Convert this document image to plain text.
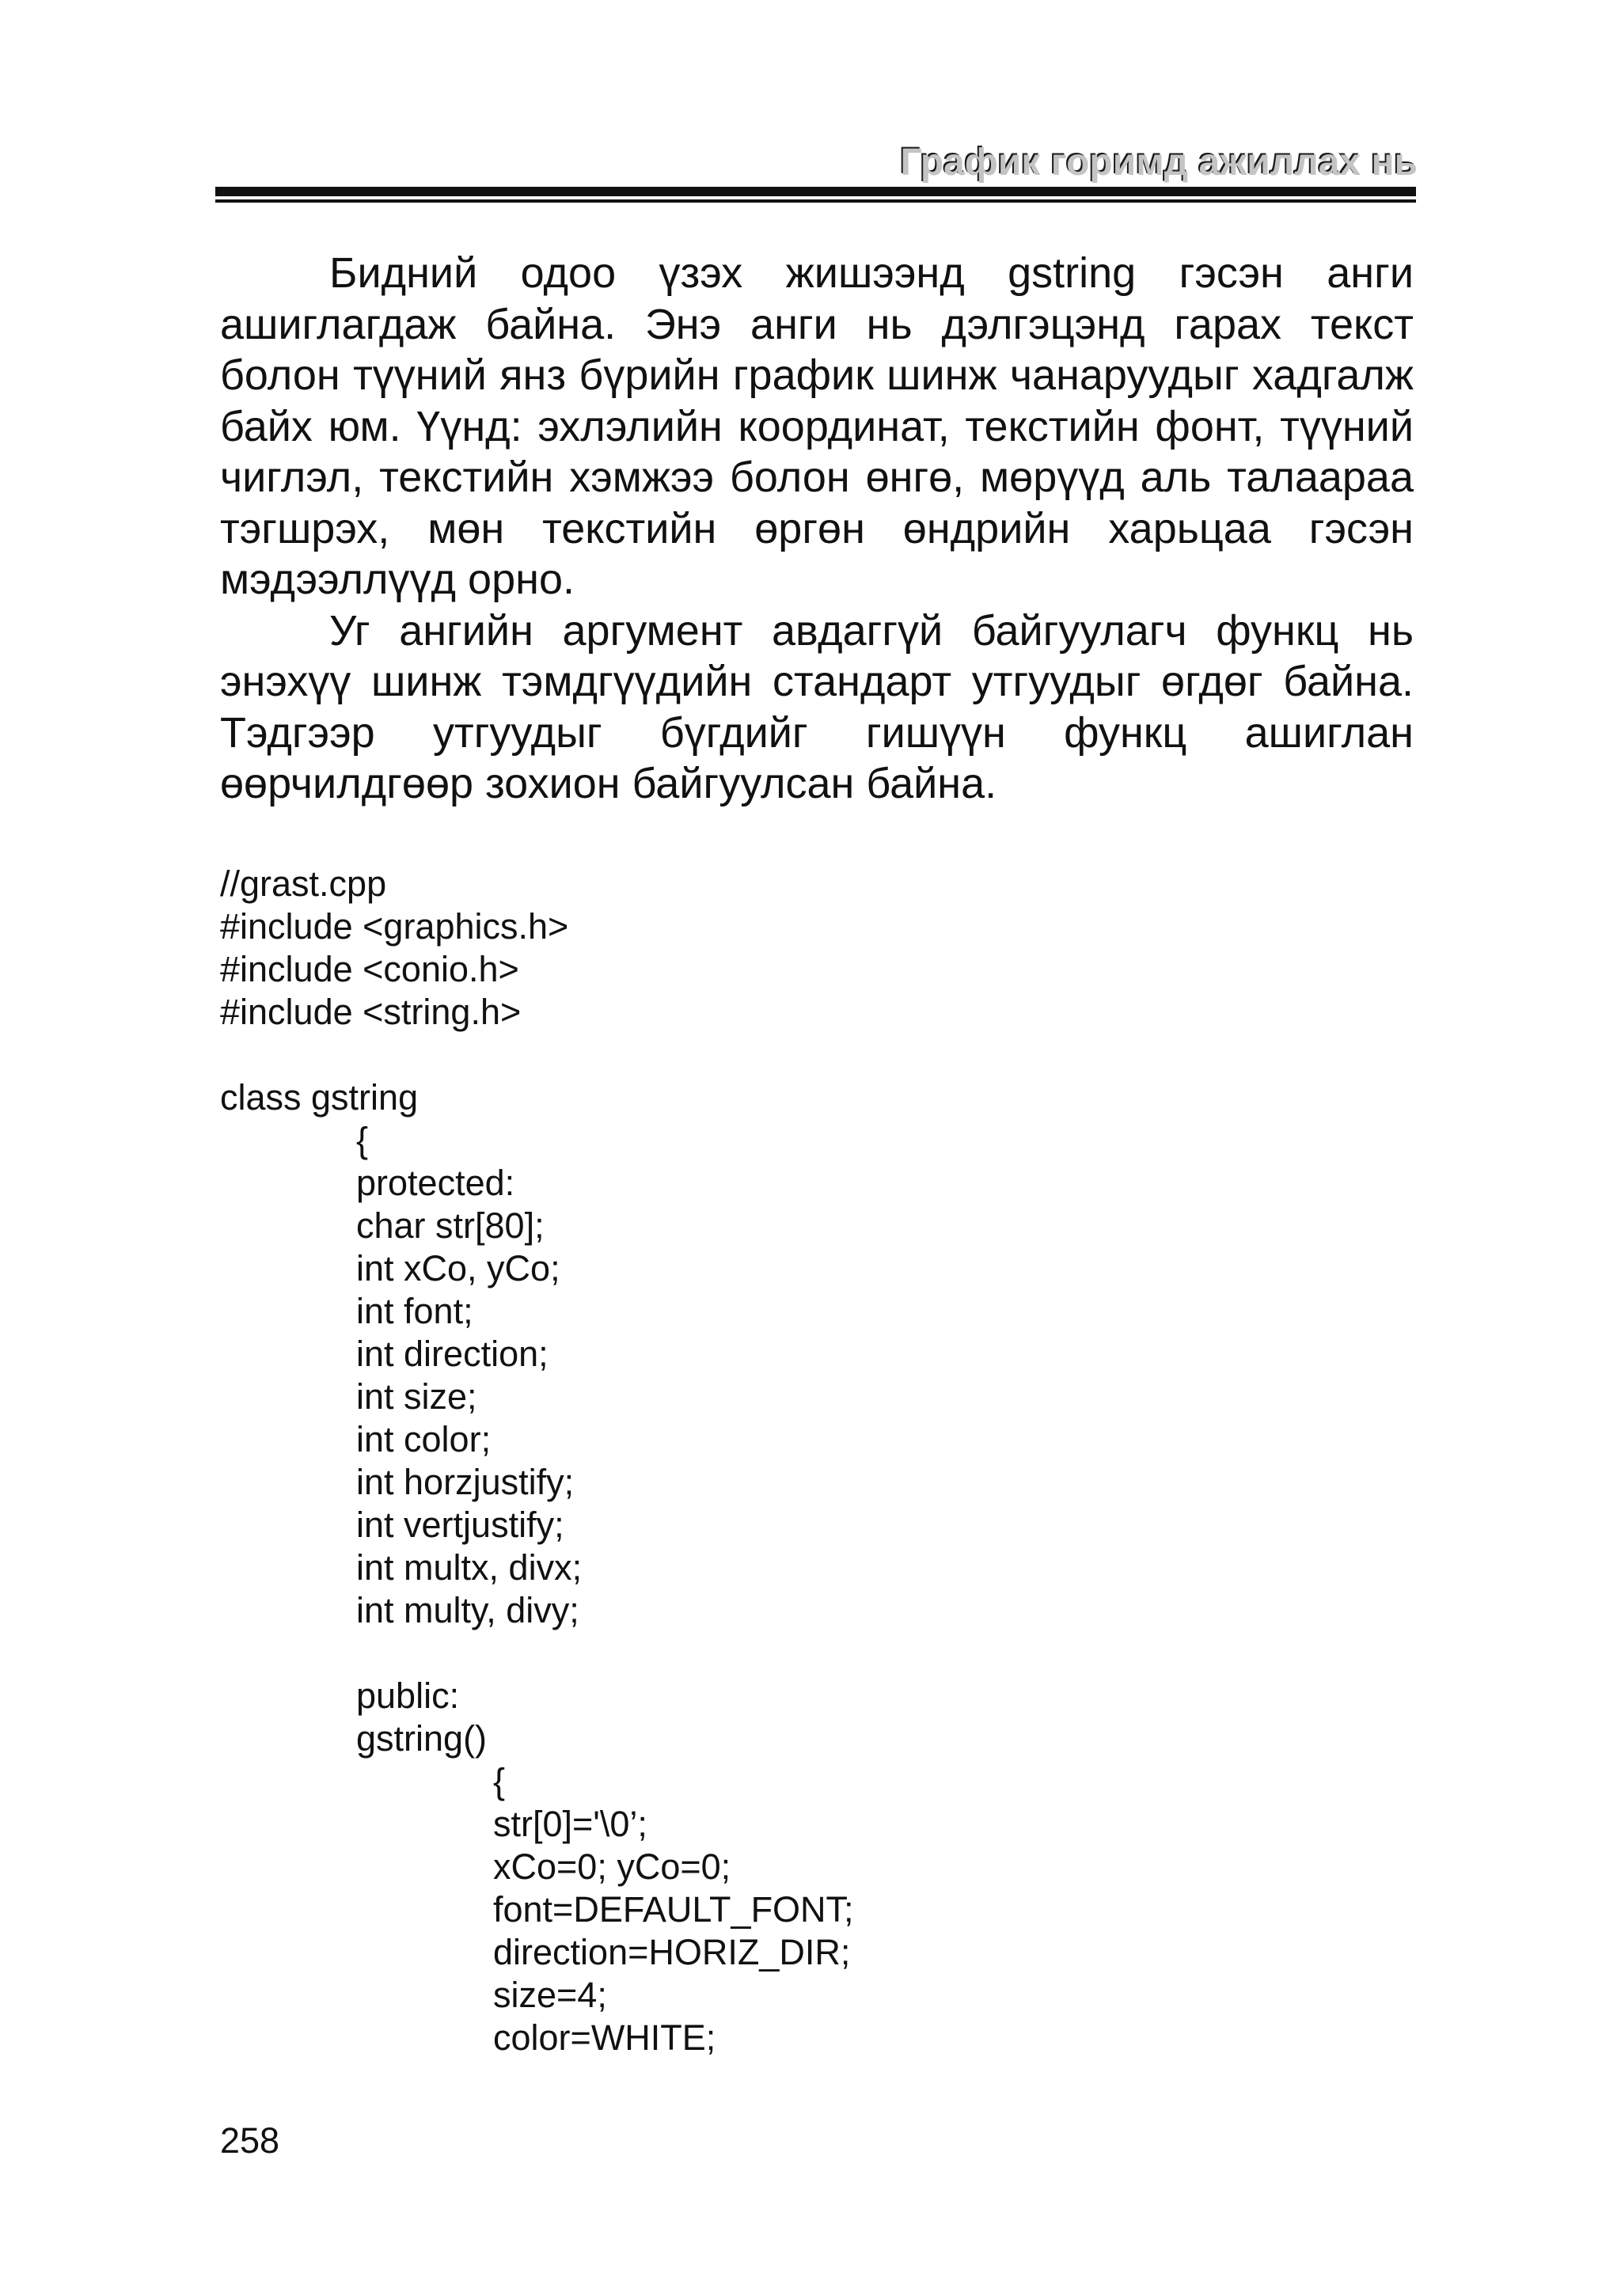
График горимд ажиллах нь

Бидний одоо үзэх жишээнд gstring гэсэн анги ашиглагдаж байна. Энэ анги нь дэлгэцэнд гарах текст болон түүний янз бүрийн график шинж чанаруудыг хадгалж байх юм. Үүнд: эхлэлийн координат, текстийн фонт, түүний чиглэл, текстийн хэмжээ болон өнгө, мөрүүд аль талаараа тэгшрэх, мөн текстийн өргөн өндрийн харьцаа гэсэн мэдээллүүд орно.

Уг ангийн аргумент авдаггүй байгуулагч функц нь энэхүү шинж тэмдгүүдийн стандарт утгуудыг өгдөг байна. Тэдгээр утгуудыг бүгдийг гишүүн функц ашиглан өөрчилдгөөр зохион байгуулсан байна.

//grast.cpp
#include <graphics.h>
#include <conio.h>
#include <string.h>
class gstring
{
protected:
char str[80];
int xCo, yCo;
int font;
int direction;
int size;
int color;
int horzjustify;
int vertjustify;
int multx, divx;
int multy, divy;
public:
gstring()
{
str[0]='\0’;
xCo=0; yCo=0;
font=DEFAULT_FONT;
direction=HORIZ_DIR;
size=4;
color=WHITE;
258
